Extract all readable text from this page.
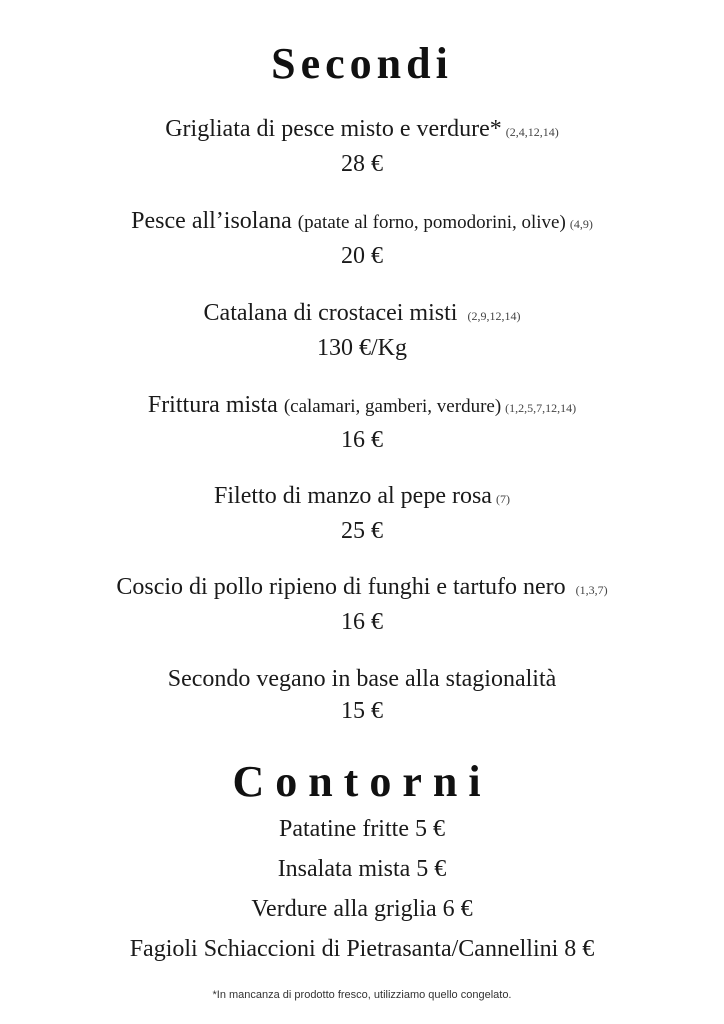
Secondi
Grigliata di pesce misto e verdure* (2,4,12,14)
28 €
Pesce all’isolana (patate al forno, pomodorini, olive) (4,9)
20 €
Catalana di crostacei misti (2,9,12,14)
130 €/Kg
Frittura mista (calamari, gamberi, verdure) (1,2,5,7,12,14)
16 €
Filetto di manzo al pepe rosa (7)
25 €
Coscio di pollo ripieno di funghi e tartufo nero (1,3,7)
16 €
Secondo vegano in base alla stagionalità
15 €
Contorni
Patatine fritte 5 €
Insalata mista 5 €
Verdure alla griglia 6 €
Fagioli Schiaccioni di Pietrasanta/Cannellini 8 €
*In mancanza di prodotto fresco, utilizziamo quello congelato.
